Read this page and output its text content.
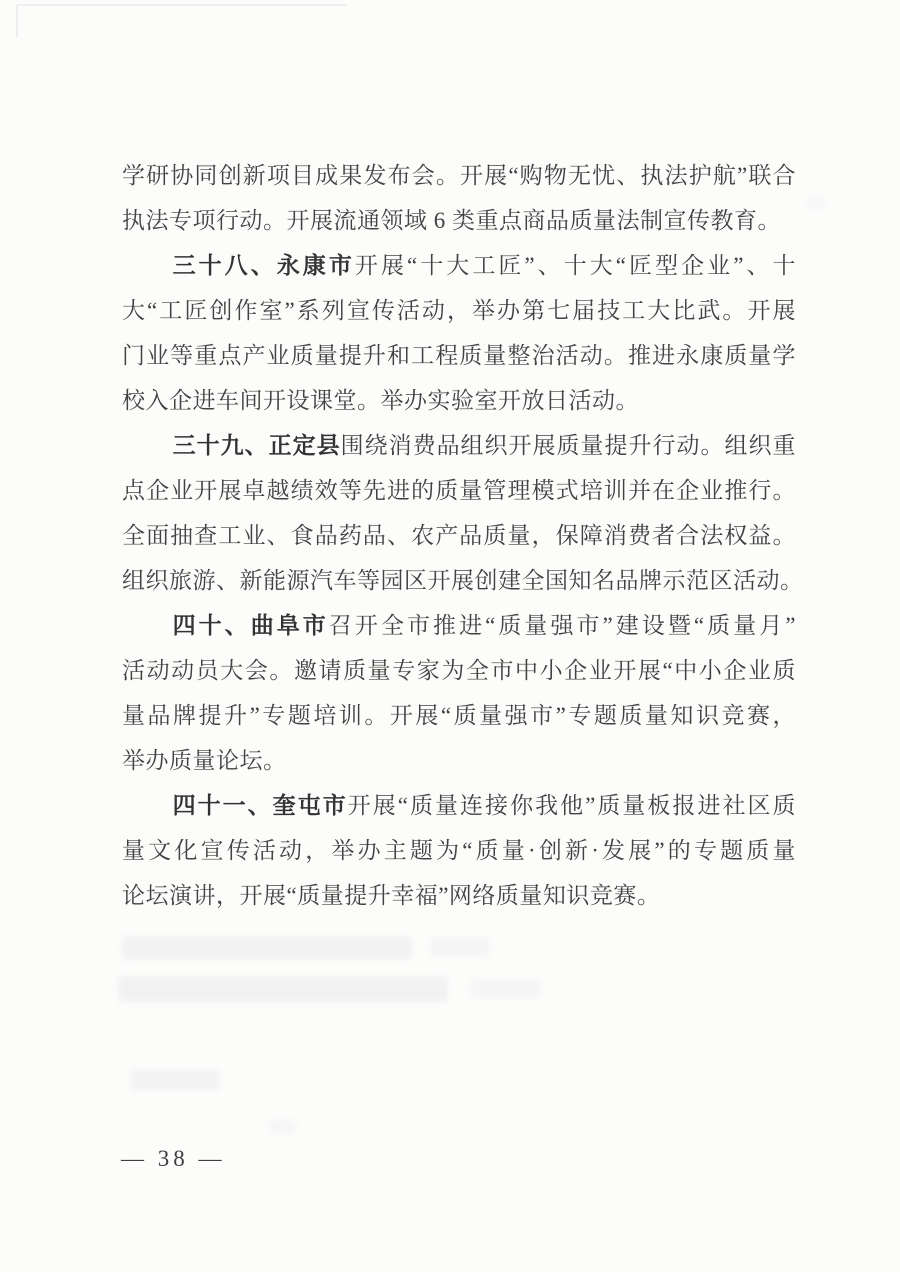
学研协同创新项目成果发布会。开展“购物无忧、执法护航”联合
执法专项行动。开展流通领域 6 类重点商品质量法制宣传教育。
三十八、永康市开展“十大工匠”、十大“匠型企业”、十
大“工匠创作室”系列宣传活动，举办第七届技工大比武。开展
门业等重点产业质量提升和工程质量整治活动。推进永康质量学
校入企进车间开设课堂。举办实验室开放日活动。
三十九、正定县围绕消费品组织开展质量提升行动。组织重
点企业开展卓越绩效等先进的质量管理模式培训并在企业推行。
全面抽查工业、食品药品、农产品质量，保障消费者合法权益。
组织旅游、新能源汽车等园区开展创建全国知名品牌示范区活动。
四十、曲阜市召开全市推进“质量强市”建设暨“质量月”
活动动员大会。邀请质量专家为全市中小企业开展“中小企业质
量品牌提升”专题培训。开展“质量强市”专题质量知识竞赛，
举办质量论坛。
四十一、奎屯市开展“质量连接你我他”质量板报进社区质
量文化宣传活动，举办主题为“质量·创新·发展”的专题质量
论坛演讲，开展“质量提升幸福”网络质量知识竞赛。
— 38 —
